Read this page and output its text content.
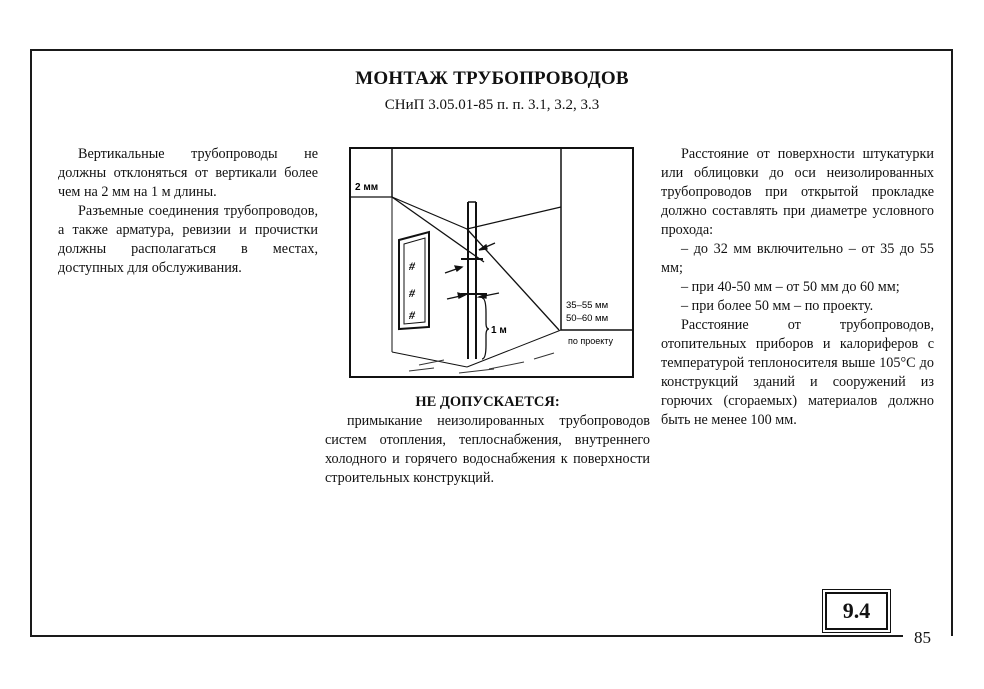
МОНТАЖ ТРУБОПРОВОДОВ
СНиП 3.05.01-85 п. п. 3.1, 3.2, 3.3

Вертикальные трубопроводы не должны отклоняться от вертикали более чем на 2 мм на 1 м длины.

Разъемные соединения трубопроводов, а также арматура, ревизии и прочистки должны располагаться в местах, доступных для обслуживания.	#
#
#
2 мм
1 м
35–55 мм
50–60 мм
по проекту
НЕ ДОПУСКАЕТСЯ:

примыкание неизолированных трубопроводов систем отопления, теплоснабжения, внутреннего холодного и горячего водоснабжения к поверхности строительных конструкций.

Расстояние от поверхности штукатурки или облицовки до оси неизолированных трубопроводов при открытой прокладке должно составлять при диаметре условного прохода:

– до 32 мм включительно – от 35 до 55 мм;

– при 40-50 мм – от 50 мм до 60 мм;

– при более 50 мм – по проекту.

Расстояние от трубопроводов, отопительных приборов и калориферов с температурой теплоносителя выше 105°С до конструкций зданий и сооружений из горючих (сгораемых) материалов должно быть не менее 100 мм.

9.4
85
